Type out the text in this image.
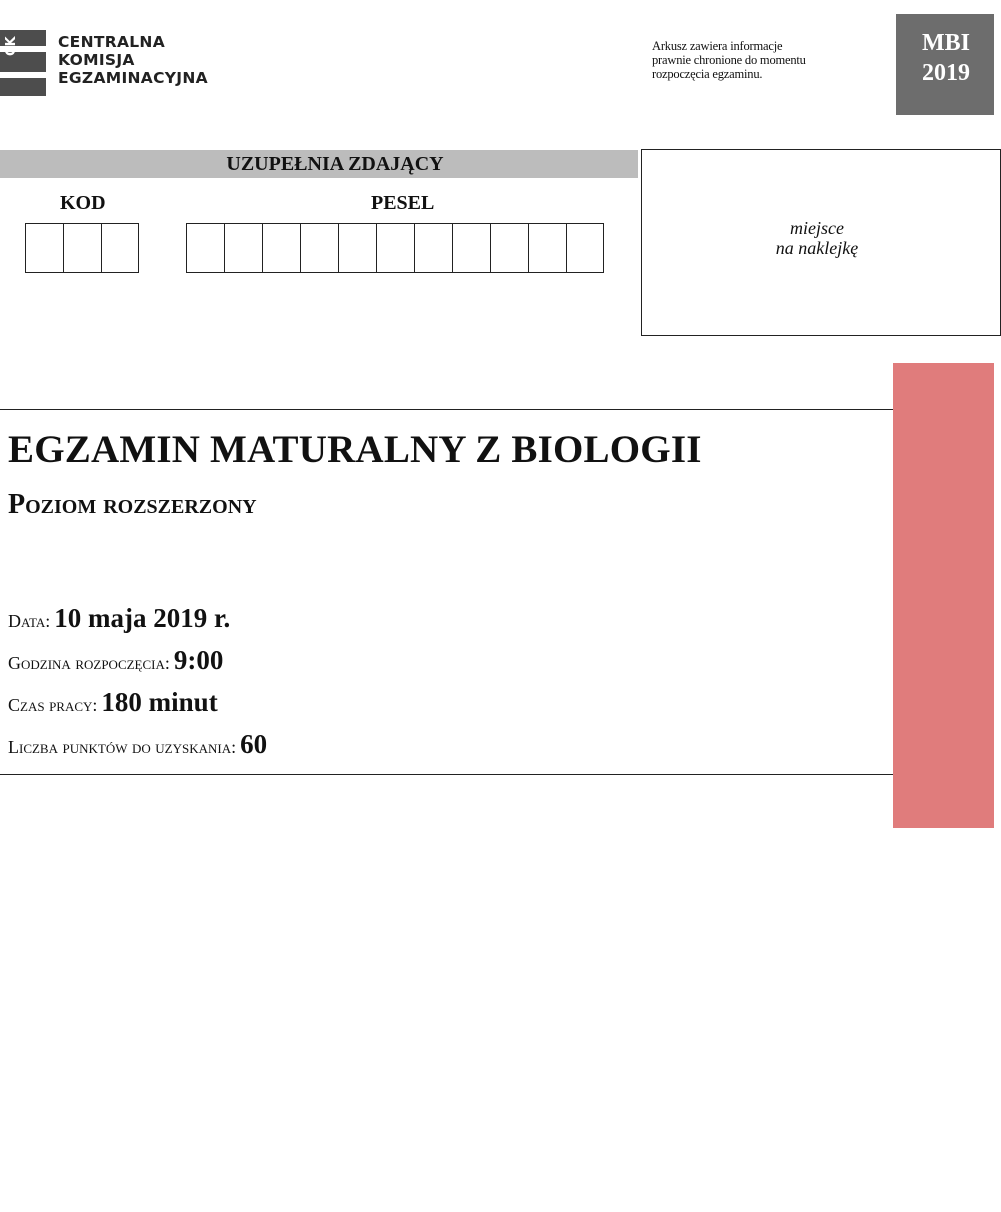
CK	CENTRALNA
KOMISJA
EGZAMINACYJNA
Arkusz zawiera informacje
prawnie chronione do momentu
rozpoczęcia egzaminu.
MBI
2019
UZUPEŁNIA ZDAJĄCY
KOD	PESEL
miejsce
na naklejkę
EGZAMIN MATURALNY Z BIOLOGII
Poziom rozszerzony
Data: 10 maja 2019 r.
Godzina rozpoczęcia: 9:00
Czas pracy: 180 minut
Liczba punktów do uzyskania: 60
NOW
